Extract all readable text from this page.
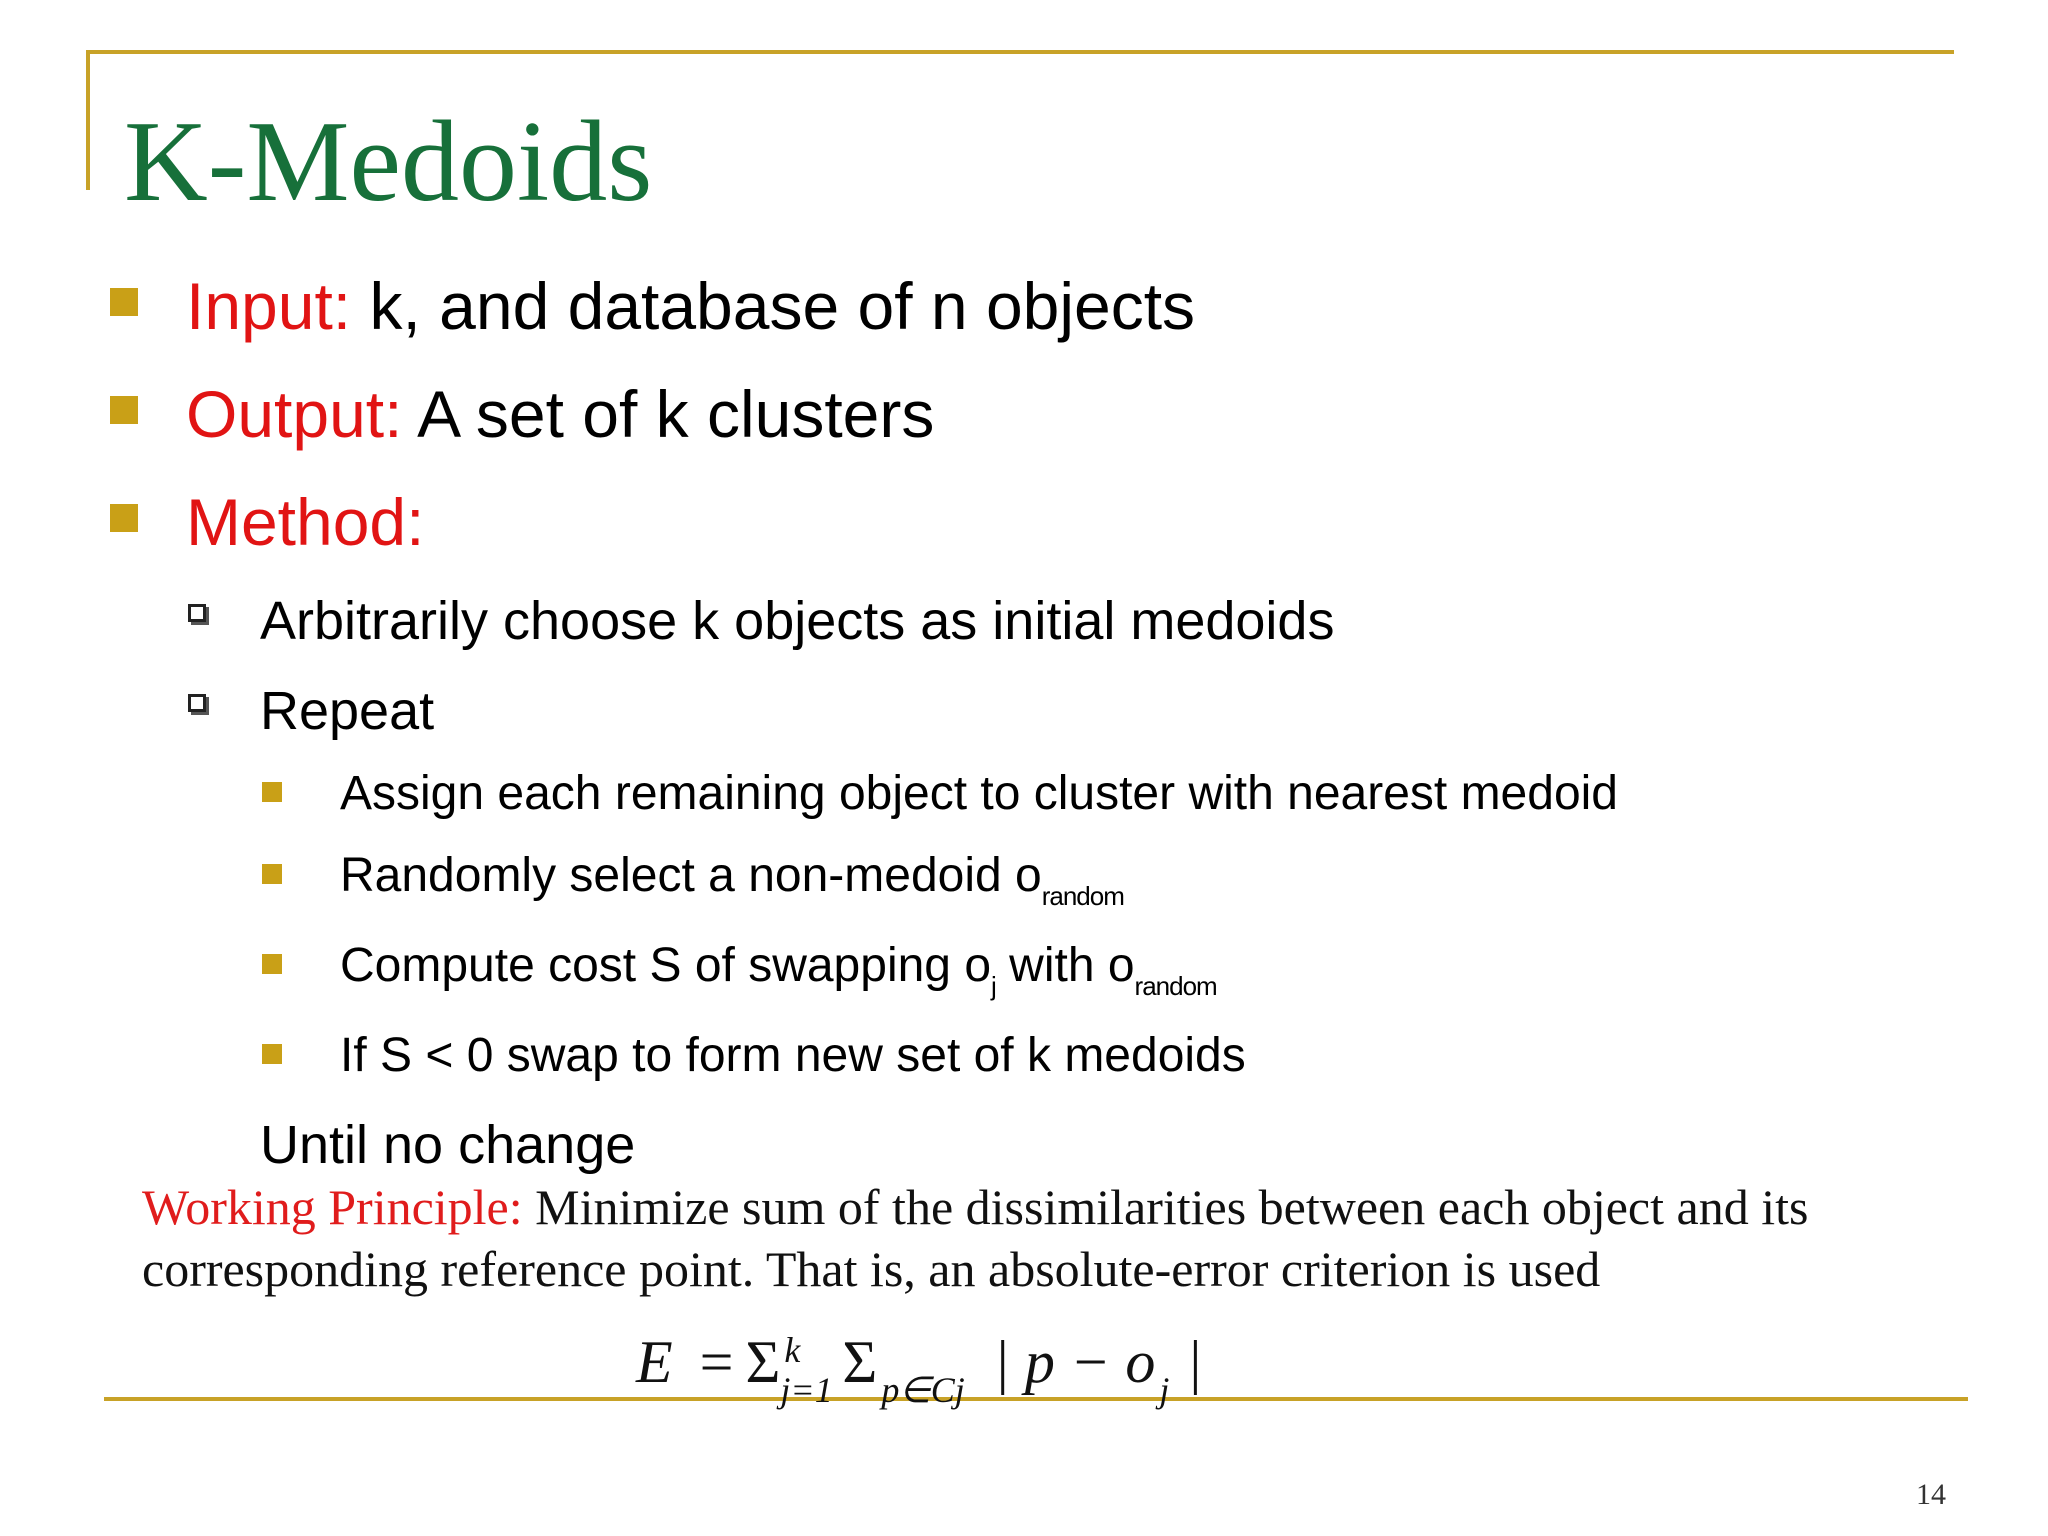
K-Medoids
Input: k, and database of n objects
Output: A set of k clusters
Method:
Arbitrarily choose k objects as initial medoids
Repeat
Assign each remaining object to cluster with nearest medoid
Randomly select a non-medoid $o_{random}$
Compute cost S of swapping $o_j$ with $o_{random}$
If S < 0 swap to form new set of k medoids
Until no change
Working Principle: Minimize sum of the dissimilarities between each object and its corresponding reference point. That is, an absolute-error criterion is used
E = Σ k
j=1 Σ p∈Cj | p − o j |
14
